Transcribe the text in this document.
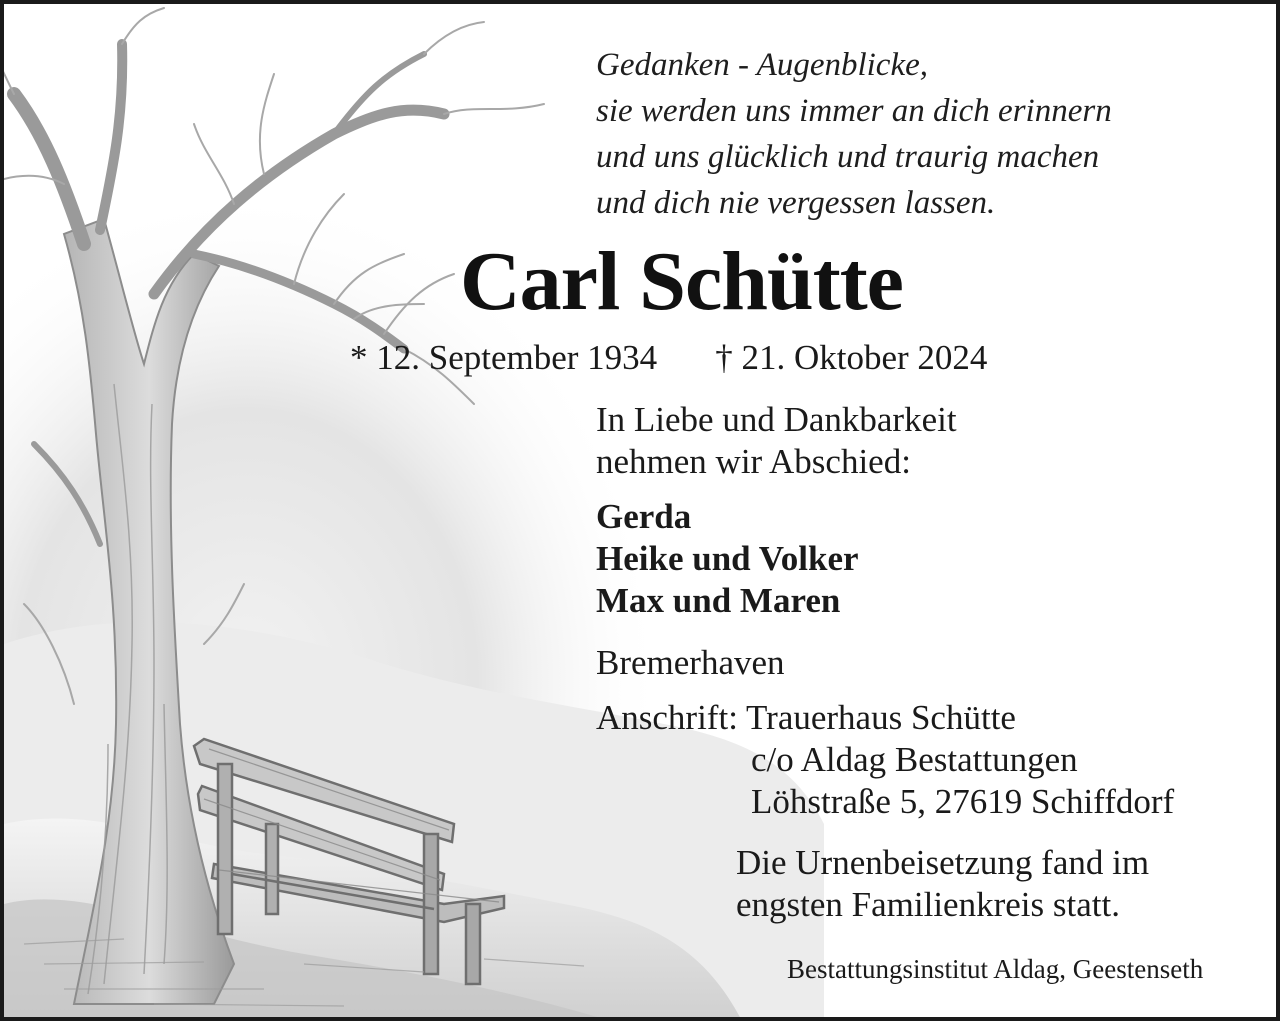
Gedanken - Augenblicke,
sie werden uns immer an dich erinnern
und uns glücklich und traurig machen
und dich nie vergessen lassen.
Carl Schütte
* 12. September 1934 † 21. Oktober 2024
In Liebe und Dankbarkeit
nehmen wir Abschied:
Gerda
Heike und Volker
Max und Maren
Bremerhaven
Anschrift: Trauerhaus Schütte
c/o Aldag Bestattungen
Löhstraße 5, 27619 Schiffdorf
Die Urnenbeisetzung fand im
engsten Familienkreis statt.
Bestattungsinstitut Aldag, Geestenseth
